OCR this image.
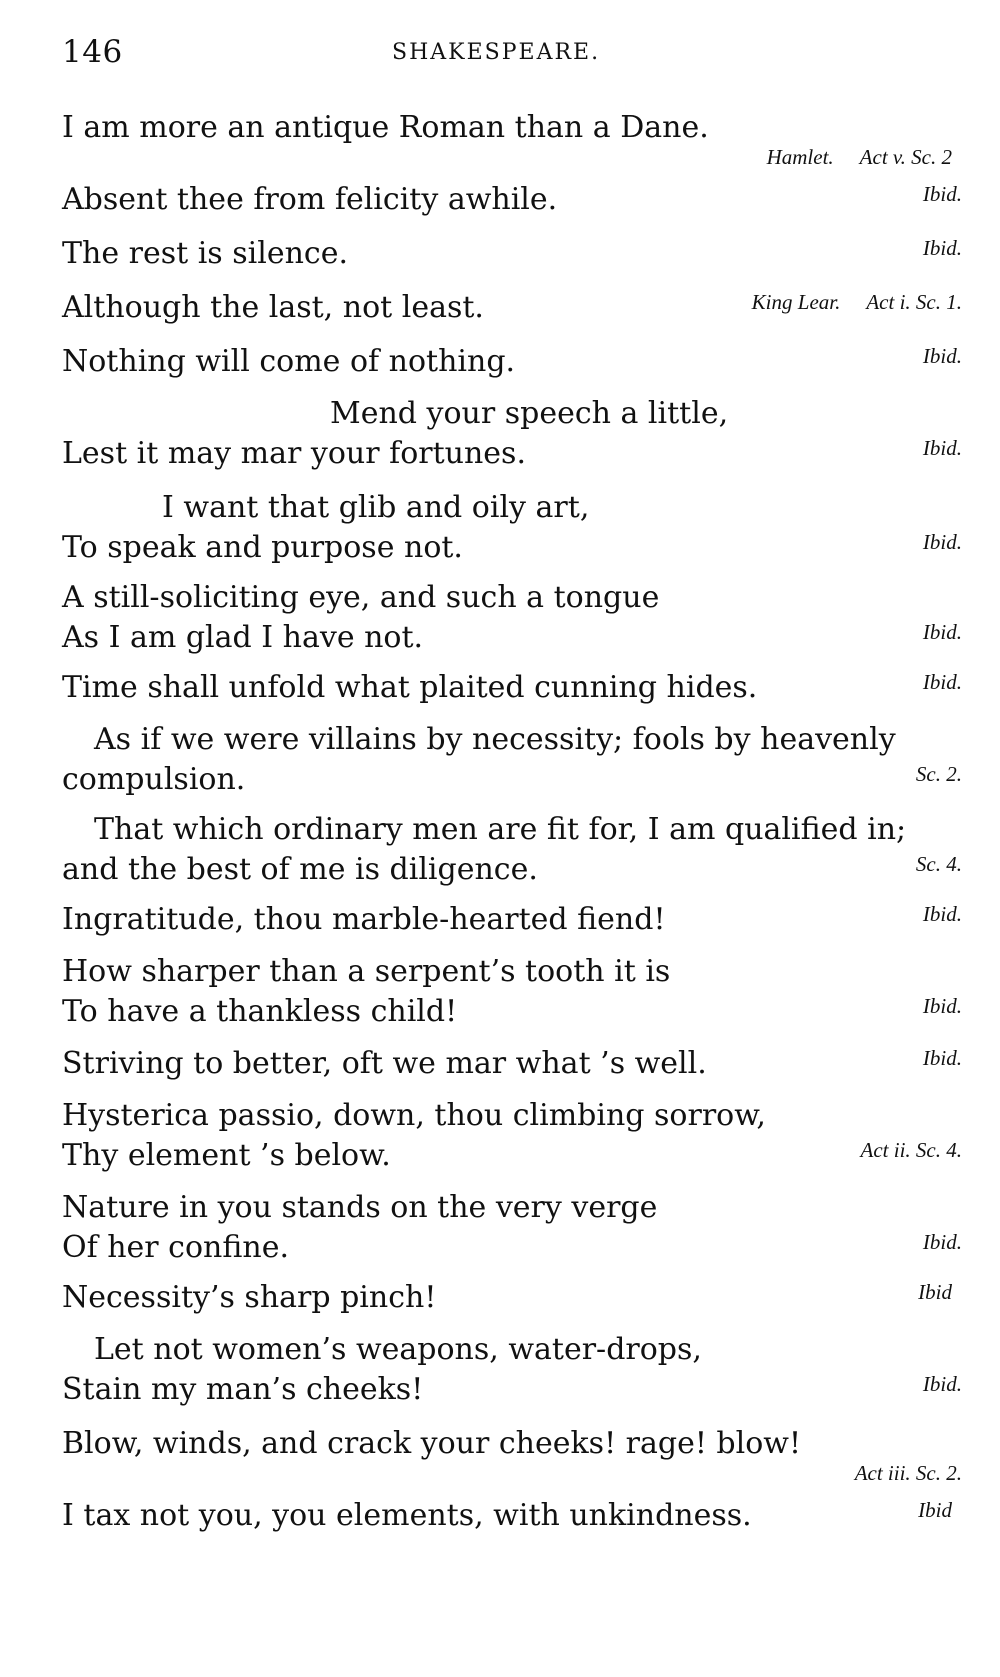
146	SHAKESPEARE.
I am more an antique Roman than a Dane.
Hamlet. Act v. Sc. 2
Absent thee from felicity awhile.	Ibid.
The rest is silence.	Ibid.
Although the last, not least.	King Lear. Act i. Sc. 1.
Nothing will come of nothing.	Ibid.
Mend your speech a little,
Lest it may mar your fortunes.	Ibid.
I want that glib and oily art,
To speak and purpose not.	Ibid.
A still-soliciting eye, and such a tongue
As I am glad I have not.	Ibid.
Time shall unfold what plaited cunning hides.	Ibid.
As if we were villains by necessity; fools by heavenly
compulsion.	Sc. 2.
That which ordinary men are fit for, I am qualified in;
and the best of me is diligence.	Sc. 4.
Ingratitude, thou marble-hearted fiend!	Ibid.
How sharper than a serpent’s tooth it is
To have a thankless child!	Ibid.
Striving to better, oft we mar what ’s well.	Ibid.
Hysterica passio, down, thou climbing sorrow,
Thy element ’s below.	Act ii. Sc. 4.
Nature in you stands on the very verge
Of her confine.	Ibid.
Necessity’s sharp pinch!	Ibid
Let not women’s weapons, water-drops,
Stain my man’s cheeks!	Ibid.
Blow, winds, and crack your cheeks! rage! blow!
Act iii. Sc. 2.
I tax not you, you elements, with unkindness.	Ibid
